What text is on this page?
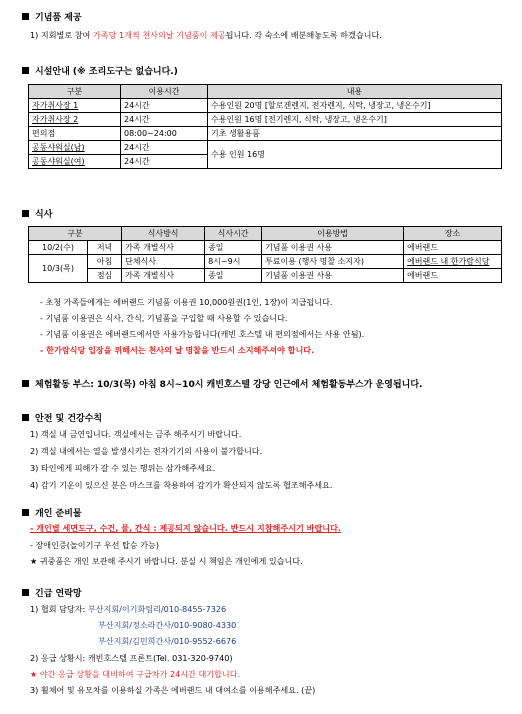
기념품 제공
1) 지회별로 참여 가족당 1개씩 천사의날 기념품이 제공됩니다. 각 숙소에 배분해놓도록 하겠습니다.
시설안내 (※ 조리도구는 없습니다.)
구분	이용시간	내용
자가취사장 1	24시간	수용인원 20명 [할로겐렌지, 전자렌지, 식탁, 냉장고, 냉온수기]
자가취사장 2	24시간	수용인원 16명 [전기렌지, 식탁, 냉장고, 냉온수기]
편의점	08:00~24:00	기초 생활용품
공동샤워실(남)	24시간	수용 인원 16명
공동샤워실(여)	24시간	
식사
구분		식사방식	식사시간	이용방법	장소
10/2(수)	저녁	가족 개별식사	종일	기념품 이용권 사용	에버랜드
10/3(목)	아침	단체식사	8시~9시	투료이용 (행사 명찰 소지자)	에버랜드 내 한가람식당
	점심	가족 개별식사	종일	기념품 이용권 사용	에버랜드
- 초청 가족들에게는 에버랜드 기념품 이용권 10,000원권(1인, 1장)이 지급됩니다.
- 기념품 이용권은 식사, 간식, 기념품을 구입할 때 사용할 수 있습니다.
- 기념품 이용권은 에버랜드에서만 사용가능합니다(캐빈 호스텔 내 편의점에서는 사용 안됨).
- 한가람식당 입장을 위해서는 천사의 날 명찰을 반드시 소지해주셔야 합니다.
체험활동 부스: 10/3(목) 아침 8시~10시 캐빈호스텔 강당 인근에서 체험활동부스가 운영됩니다.
안전 및 건강수칙
1) 객실 내 금연입니다. 객실에서는 금주 해주시기 바랍니다.
2) 객실 내에서는 열을 발생시키는 전자기기의 사용이 불가합니다.
3) 타인에게 피해가 갈 수 있는 행위는 삼가해주세요.
4) 감기 기운이 있으신 분은 마스크를 착용하여 감기가 확산되지 않도록 협조해주세요.
개인 준비물
- 개인별 세면도구, 수건, 물, 간식 : 제공되지 않습니다. 반드시 지참해주시기 바랍니다.
- 장애인증(놀이기구 우선 탑승 가능)
★ 귀중품은 개인 보관해 주시기 바랍니다. 분실 시 책임은 개인에게 있습니다.
긴급 연락망
1) 협회 담당자: 부산지회/이기화팀리/010-8455-7326
부산지회/정소라간사/010-9080-4330
부산지회/김민희간사/010-9552-6676
2) 응급 상황시: 캐빈호스텔 프론트(Tel. 031-320-9740)
★ 야간 응급 상황을 대비하여 구급차가 24시간 대기합니다.
3) 휠체어 및 유모차를 이용하실 가족은 에버랜드 내 대여소를 이용해주세요. (끝)
